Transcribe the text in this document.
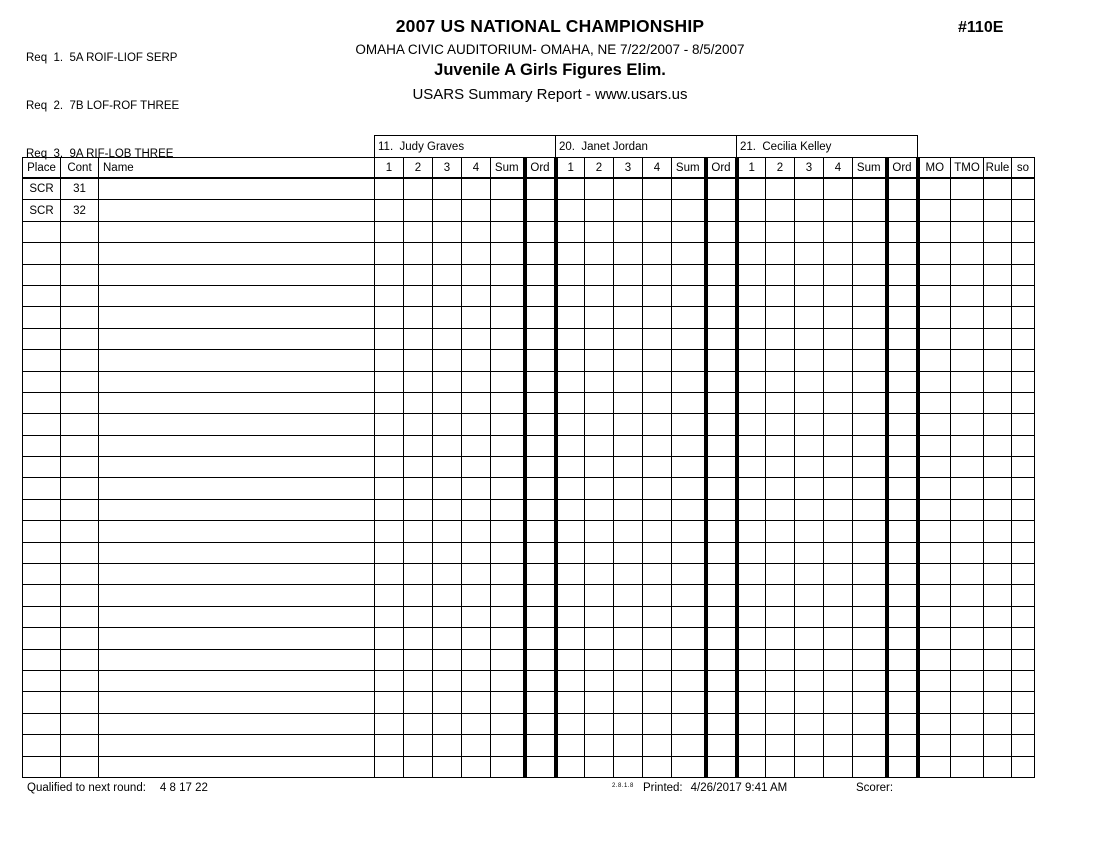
Req  1.  5A ROIF-LIOF SERP

Req  2.  7B LOF-ROF THREE

Req  3.  9A RIF-LOB THREE

2007 US NATIONAL CHAMPIONSHIP
OMAHA CIVIC AUDITORIUM- OMAHA, NE 7/22/2007 - 8/5/2007
Juvenile A Girls Figures Elim.
USARS Summary Report - www.usars.us
#110E
			11.  Judy Graves						20.  Janet Jordan						21.  Cecilia Kelley									
Place	Cont	Name	1	2	3	4	Sum	Ord	1	2	3	4	Sum	Ord	1	2	3	4	Sum	Ord	MO	TMO	Rule	so
SCR	31																							
SCR	32																							

Qualified to next round: 4 8 17 22	2.8.1.8 Printed: 4/26/2017 9:41 AM	Scorer:
